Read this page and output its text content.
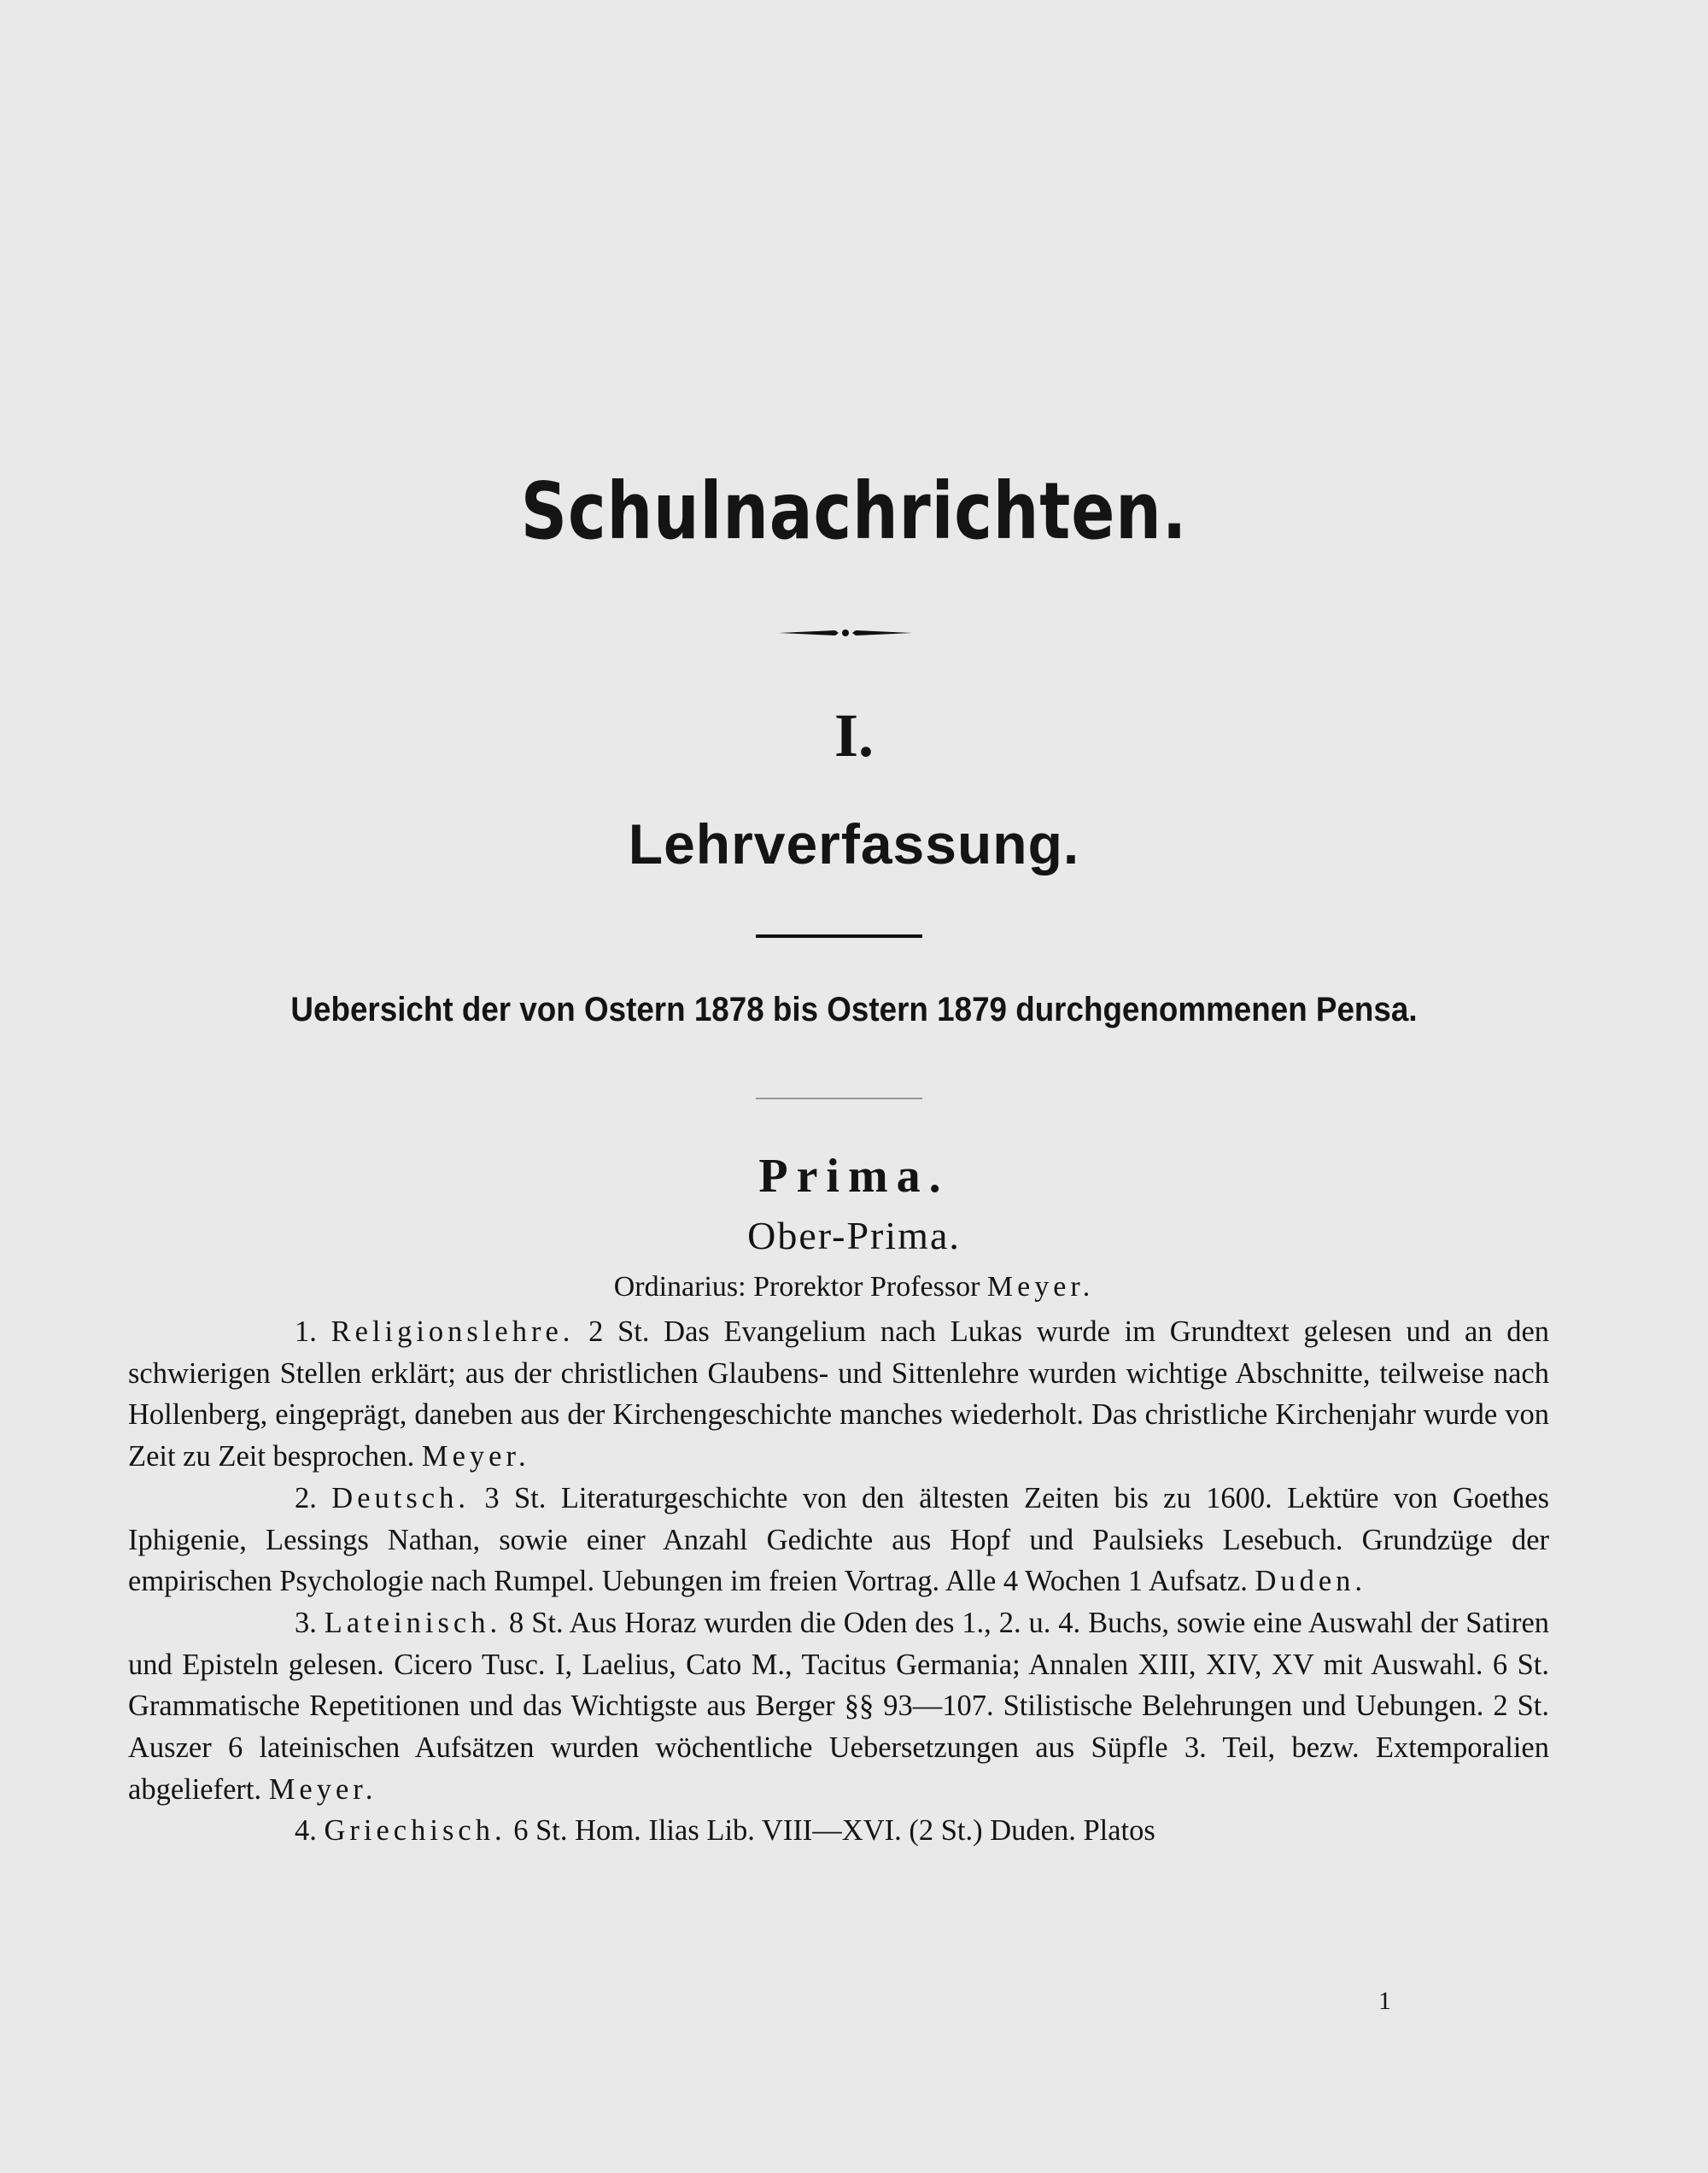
Schulnachrichten.
I.
Lehrverfassung.
Uebersicht der von Ostern 1878 bis Ostern 1879 durchgenommenen Pensa.
Prima.
Ober-Prima.
Ordinarius: Prorektor Professor Meyer.

1. Religionslehre. 2 St. Das Evangelium nach Lukas wurde im Grundtext gelesen und an den schwierigen Stellen erklärt; aus der christlichen Glaubens- und Sittenlehre wurden wichtige Abschnitte, teilweise nach Hollenberg, eingeprägt, daneben aus der Kirchengeschichte manches wiederholt. Das christliche Kirchenjahr wurde von Zeit zu Zeit besprochen. Meyer.

2. Deutsch. 3 St. Literaturgeschichte von den ältesten Zeiten bis zu 1600. Lektüre von Goethes Iphigenie, Lessings Nathan, sowie einer Anzahl Gedichte aus Hopf und Paulsieks Lesebuch. Grundzüge der empirischen Psychologie nach Rumpel. Uebungen im freien Vortrag. Alle 4 Wochen 1 Aufsatz. Duden.

3. Lateinisch. 8 St. Aus Horaz wurden die Oden des 1., 2. u. 4. Buchs, sowie eine Auswahl der Satiren und Episteln gelesen. Cicero Tusc. I, Laelius, Cato M., Tacitus Germania; Annalen XIII, XIV, XV mit Auswahl. 6 St. Grammatische Repetitionen und das Wichtigste aus Berger §§ 93—107. Stilistische Belehrungen und Uebungen. 2 St. Auszer 6 lateinischen Aufsätzen wurden wöchentliche Uebersetzungen aus Süpfle 3. Teil, bezw. Extemporalien abgeliefert. Meyer.

4. Griechisch. 6 St. Hom. Ilias Lib. VIII—XVI. (2 St.) Duden. Platos

1
